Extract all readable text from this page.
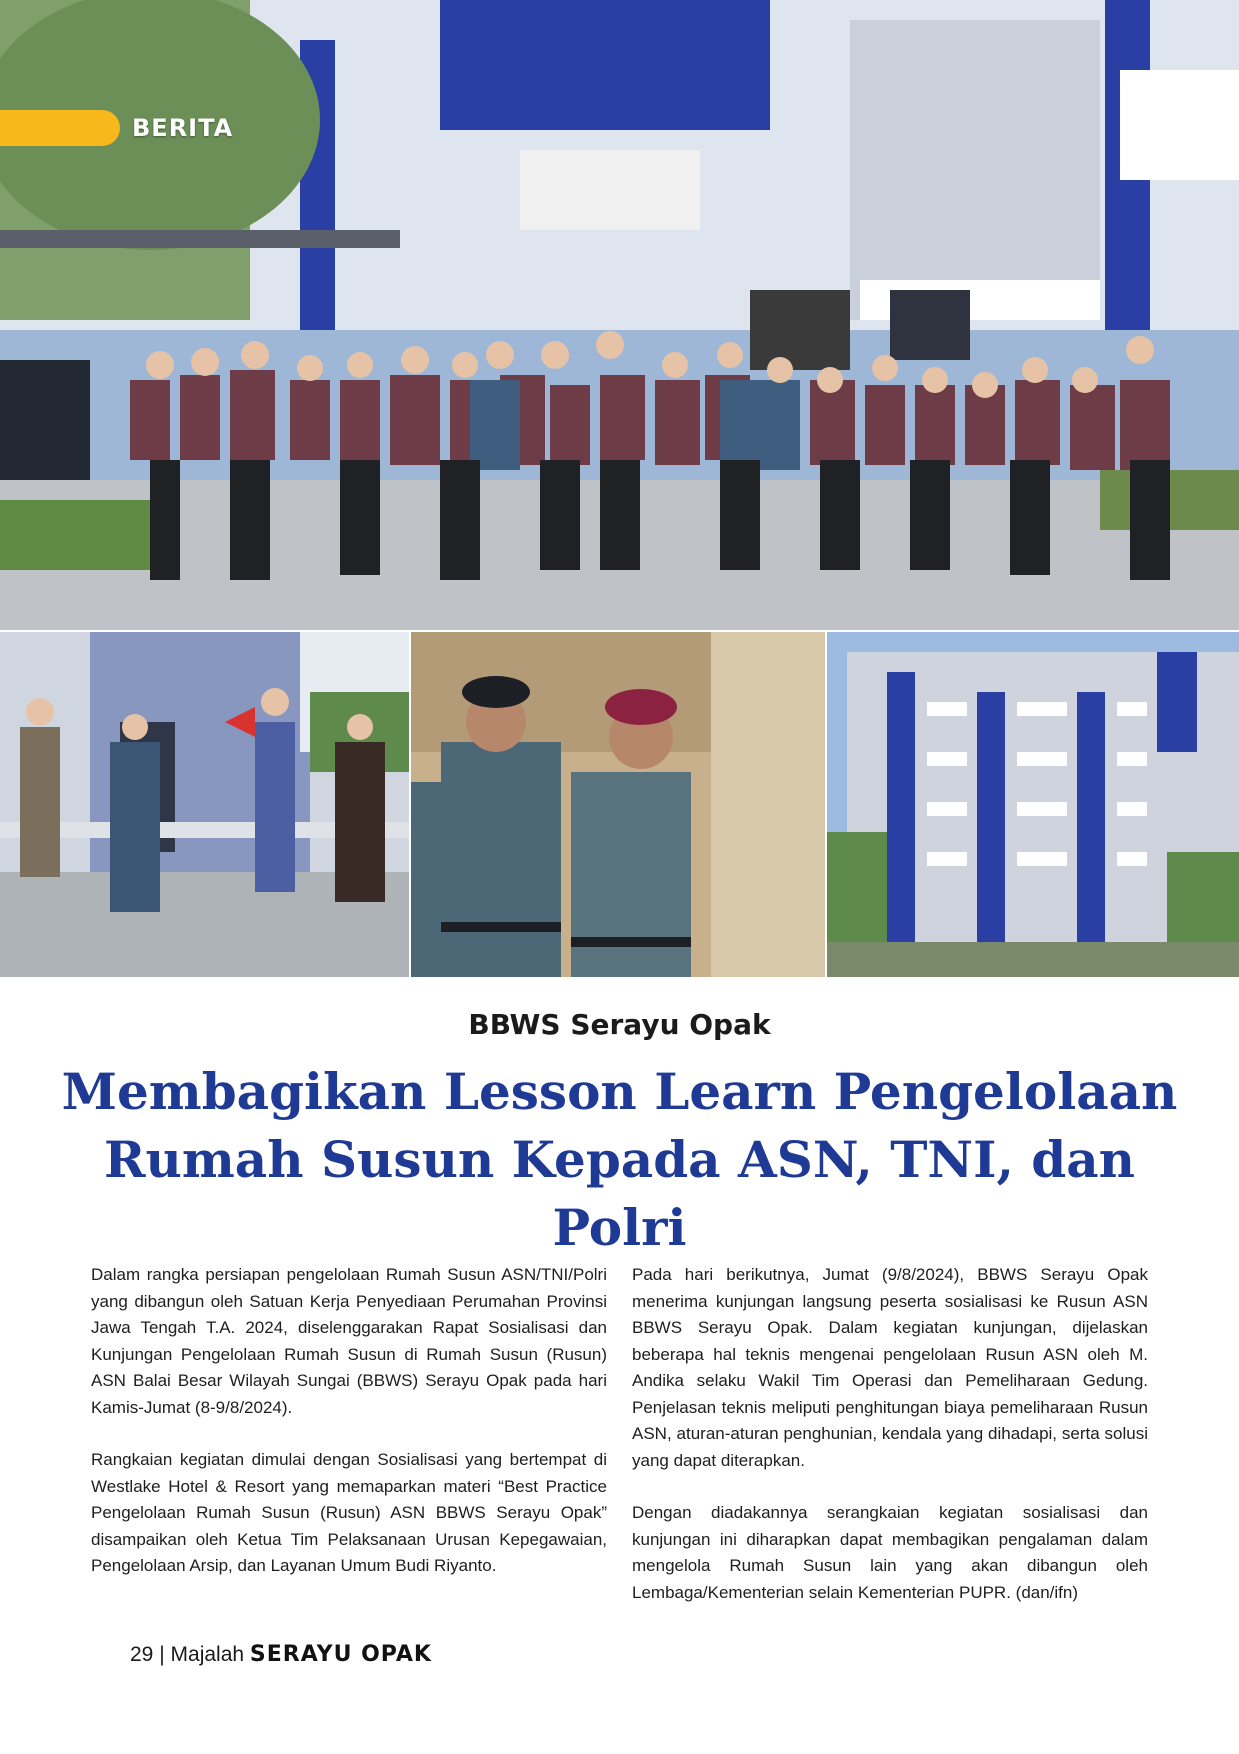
BERITA
BBWS Serayu Opak
Membagikan Lesson Learn Pengelolaan Rumah Susun Kepada ASN, TNI, dan Polri

Dalam rangka persiapan pengelolaan Rumah Susun ASN/TNI/Polri yang dibangun oleh Satuan Kerja Penyediaan Perumahan Provinsi Jawa Tengah T.A. 2024, diselenggarakan Rapat Sosialisasi dan Kunjungan Pengelolaan Rumah Susun di Rumah Susun (Rusun) ASN Balai Besar Wilayah Sungai (BBWS) Serayu Opak pada hari Kamis-Jumat (8-9/8/2024).

Rangkaian kegiatan dimulai dengan Sosialisasi yang bertempat di Westlake Hotel & Resort yang memaparkan materi “Best Practice Pengelolaan Rumah Susun (Rusun) ASN BBWS Serayu Opak” disampaikan oleh Ketua Tim Pelaksanaan Urusan Kepegawaian, Pengelolaan Arsip, dan Layanan Umum Budi Riyanto.

Pada hari berikutnya, Jumat (9/8/2024), BBWS Serayu Opak menerima kunjungan langsung peserta sosialisasi ke Rusun ASN BBWS Serayu Opak. Dalam kegiatan kunjungan, dijelaskan beberapa hal teknis mengenai pengelolaan Rusun ASN oleh M. Andika selaku Wakil Tim Operasi dan Pemeliharaan Gedung. Penjelasan teknis meliputi penghitungan biaya pemeliharaan Rusun ASN, aturan-aturan penghunian, kendala yang dihadapi, serta solusi yang dapat diterapkan.

Dengan diadakannya serangkaian kegiatan sosialisasi dan kunjungan ini diharapkan dapat membagikan pengalaman dalam mengelola Rumah Susun lain yang akan dibangun oleh Lembaga/Kementerian selain Kementerian PUPR. (dan/ifn)

29 | Majalah SERAYU OPAK
